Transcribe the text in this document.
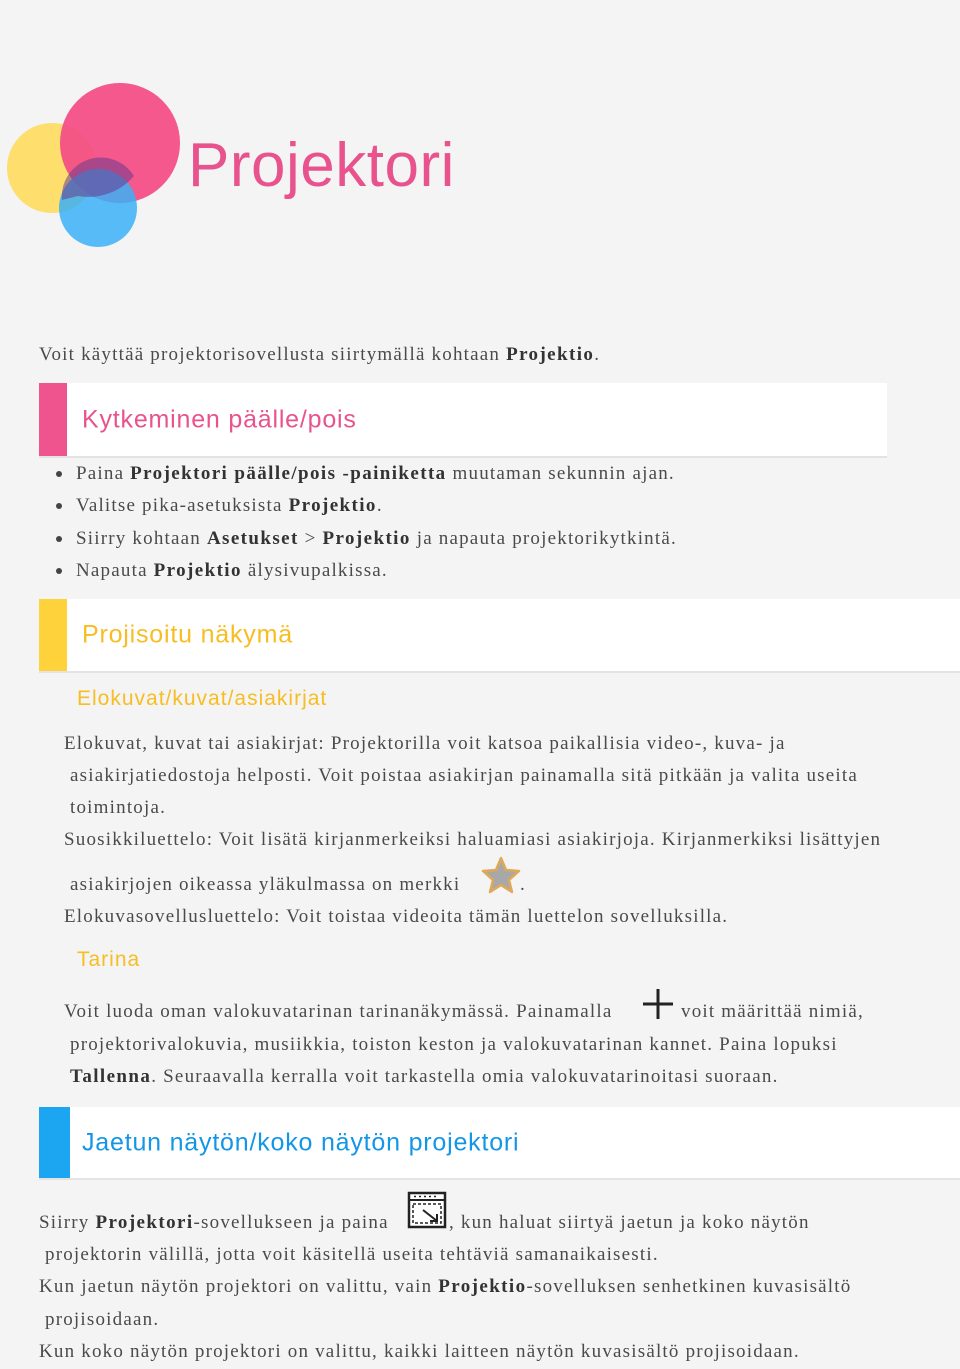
Projektori

Voit käyttää projektorisovellusta siirtymällä kohtaan Projektio.

Kytkeminen päälle/pois
Paina Projektori päälle/pois -painiketta muutaman sekunnin ajan.
Valitse pika-asetuksista Projektio.
Siirry kohtaan Asetukset > Projektio ja napauta projektorikytkintä.
Napauta Projektio älysivupalkissa.
Projisoitu näkymä
Elokuvat/kuvat/asiakirjat

Elokuvat, kuvat tai asiakirjat: Projektorilla voit katsoa paikallisia video-, kuva- ja

asiakirjatiedostoja helposti. Voit poistaa asiakirjan painamalla sitä pitkään ja valita useita

toimintoja.

Suosikkiluettelo: Voit lisätä kirjanmerkeiksi haluamiasi asiakirjoja. Kirjanmerkiksi lisättyjen

asiakirjojen oikeassa yläkulmassa on merkki	.

Elokuvasovellusluettelo: Voit toistaa videoita tämän luettelon sovelluksilla.

Tarina

Voit luoda oman valokuvatarinan tarinanäkymässä. Painamalla	voit määrittää nimiä,

projektorivalokuvia, musiikkia, toiston keston ja valokuvatarinan kannet. Paina lopuksi

Tallenna. Seuraavalla kerralla voit tarkastella omia valokuvatarinoitasi suoraan.

Jaetun näytön/koko näytön projektori

Siirry Projektori-sovellukseen ja paina	, kun haluat siirtyä jaetun ja koko näytön

projektorin välillä, jotta voit käsitellä useita tehtäviä samanaikaisesti.

Kun jaetun näytön projektori on valittu, vain Projektio-sovelluksen senhetkinen kuvasisältö

projisoidaan.

Kun koko näytön projektori on valittu, kaikki laitteen näytön kuvasisältö projisoidaan.
